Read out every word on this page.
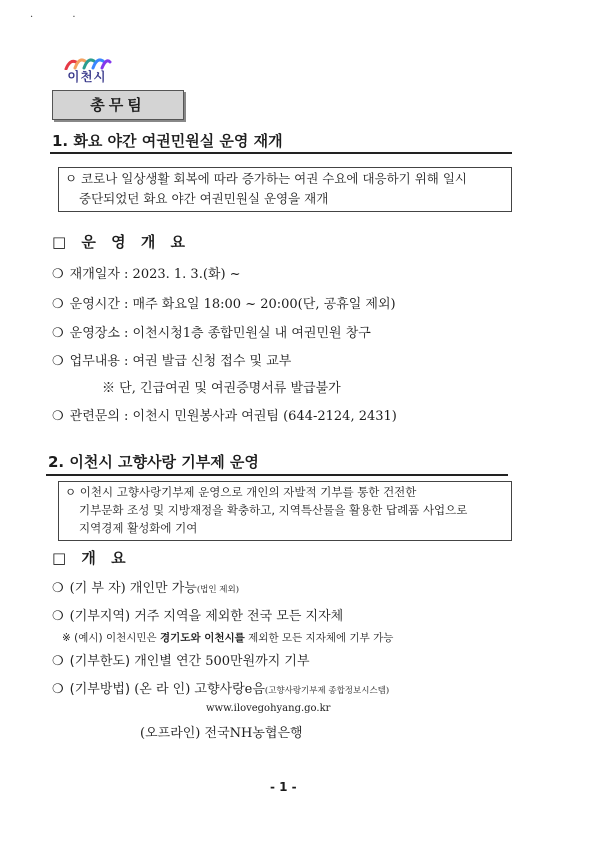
· ·
이천시
총무팀
1. 화요 야간 여권민원실 운영 재개
ㅇ 코로나 일상생활 회복에 따라 증가하는 여권 수요에 대응하기 위해 일시
중단되었던 화요 야간 여권민원실 운영을 재개
□ 운 영 개 요
❍ 재개일자 : 2023. 1. 3.(화) ~
❍ 운영시간 : 매주 화요일 18:00 ~ 20:00(단, 공휴일 제외)
❍ 운영장소 : 이천시청1층 종합민원실 내 여권민원 창구
❍ 업무내용 : 여권 발급 신청 접수 및 교부
※ 단, 긴급여권 및 여권증명서류 발급불가
❍ 관련문의 : 이천시 민원봉사과 여권팀 (644-2124, 2431)
2. 이천시 고향사랑 기부제 운영
ㅇ 이천시 고향사랑기부제 운영으로 개인의 자발적 기부를 통한 건전한
기부문화 조성 및 지방재정을 확충하고, 지역특산물을 활용한 답례품 사업으로
지역경제 활성화에 기여
□ 개 요
❍ (기 부 자) 개인만 가능(법인 제외)
❍ (기부지역) 거주 지역을 제외한 전국 모든 지자체
※ (예시) 이천시민은 경기도와 이천시를 제외한 모든 지자체에 기부 가능
❍ (기부한도) 개인별 연간 500만원까지 기부
❍ (기부방법) (온 라 인) 고향사랑e음(고향사랑기부제 종합정보시스템)
www.ilovegohyang.go.kr
(오프라인) 전국NH농협은행
- 1 -
